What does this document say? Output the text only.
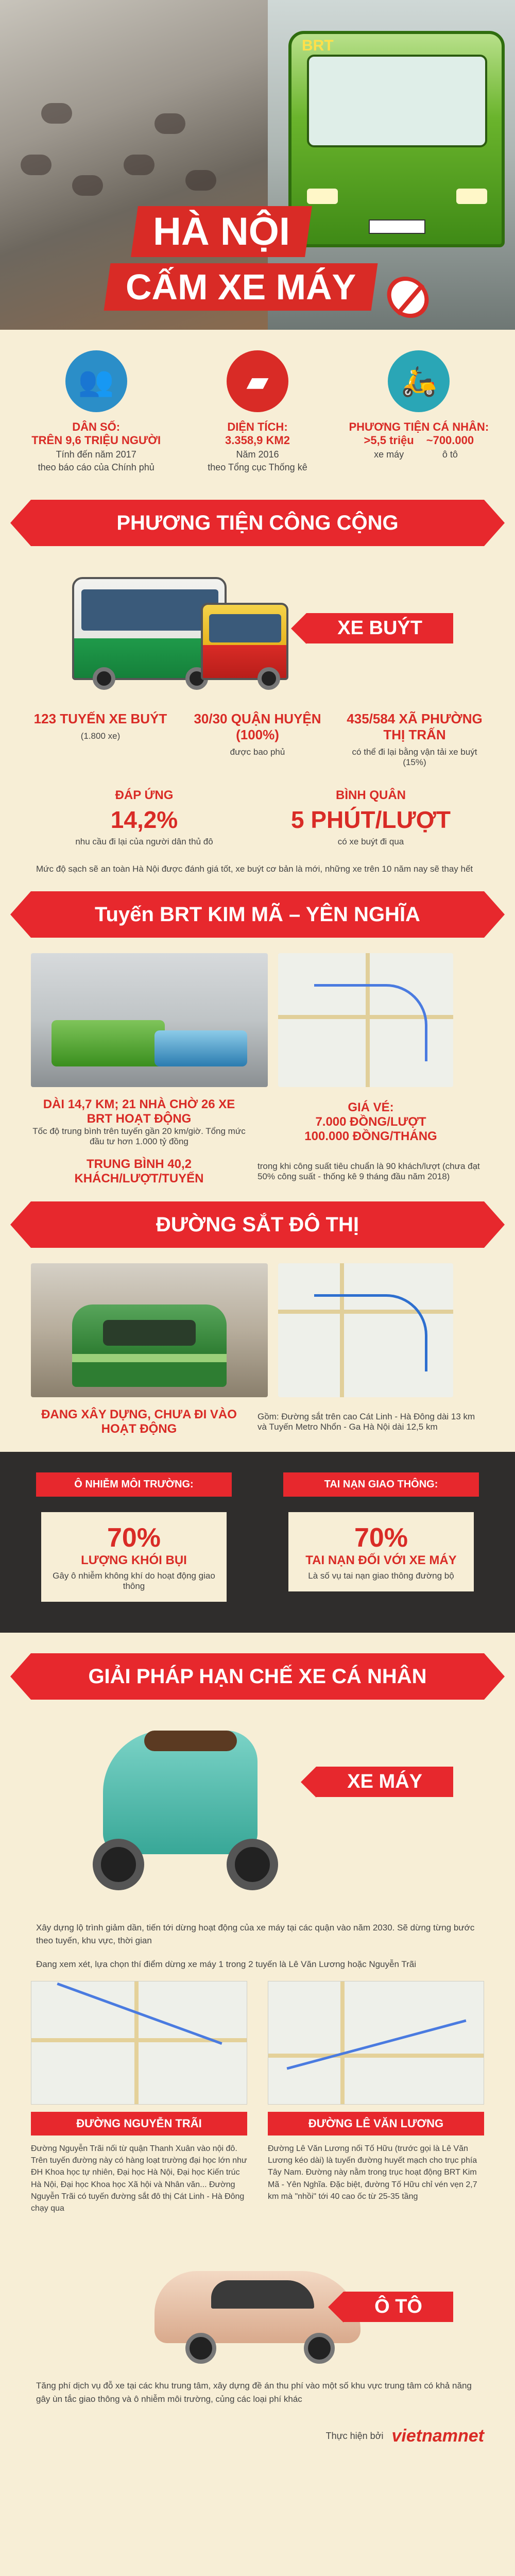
BRT
HÀ NỘI
CẤM XE MÁY
👥
DÂN SỐ:
TRÊN 9,6 TRIỆU NGƯỜI
Tính đến năm 2017
theo báo cáo của Chính phủ
▰
DIỆN TÍCH:
3.358,9 KM2
Năm 2016
theo Tổng cục Thống kê
🛵
PHƯƠNG TIỆN CÁ NHÂN:
>5,5 triệu
xe máy
~700.000
ô tô
PHƯƠNG TIỆN CÔNG CỘNG
XE BUÝT
123 TUYẾN XE BUÝT
(1.800 xe)
30/30 QUẬN HUYỆN (100%)
được bao phủ
435/584 XÃ PHƯỜNG THỊ TRẤN
có thể đi lại bằng vận tải xe buýt (15%)
ĐÁP ỨNG
14,2%
nhu cầu đi lại của người dân thủ đô
BÌNH QUÂN
5 PHÚT/LƯỢT
có xe buýt đi qua
Mức độ sạch sẽ an toàn Hà Nội được đánh giá tốt, xe buýt cơ bản là mới, những xe trên 10 năm nay sẽ thay hết
Tuyến BRT KIM MÃ – YÊN NGHĨA
DÀI 14,7 KM; 21 NHÀ CHỜ 26 XE BRT HOẠT ĐỘNG
Tốc độ trung bình trên tuyến gần 20 km/giờ. Tổng mức đầu tư hơn 1.000 tỷ đồng
GIÁ VÉ:
7.000 ĐỒNG/LƯỢT
100.000 ĐỒNG/THÁNG
TRUNG BÌNH 40,2 KHÁCH/LƯỢT/TUYẾN
trong khi công suất tiêu chuẩn là 90 khách/lượt (chưa đạt 50% công suất - thống kê 9 tháng đầu năm 2018)
ĐƯỜNG SẮT ĐÔ THỊ
ĐANG XÂY DỰNG, CHƯA ĐI VÀO HOẠT ĐỘNG
Gồm: Đường sắt trên cao Cát Linh - Hà Đông dài 13 km và Tuyến Metro Nhổn - Ga Hà Nội dài 12,5 km
Ô NHIỄM MÔI TRƯỜNG:
70%
LƯỢNG KHÓI BỤI
Gây ô nhiễm không khí do hoạt động giao thông
TAI NẠN GIAO THÔNG:
70%
TAI NẠN ĐỐI VỚI XE MÁY
Là số vụ tai nạn giao thông đường bộ
GIẢI PHÁP HẠN CHẾ XE CÁ NHÂN
XE MÁY
Xây dựng lộ trình giảm dần, tiến tới dừng hoạt động của xe máy tại các quận vào năm 2030. Sẽ dừng từng bước theo tuyến, khu vực, thời gian
Đang xem xét, lựa chọn thí điểm dừng xe máy 1 trong 2 tuyến là Lê Văn Lương hoặc Nguyễn Trãi
ĐƯỜNG NGUYỄN TRÃI
Đường Nguyễn Trãi nối từ quận Thanh Xuân vào nội đô. Trên tuyến đường này có hàng loạt trường đại học lớn như ĐH Khoa học tự nhiên, Đại học Hà Nội, Đại học Kiến trúc Hà Nội, Đại học Khoa học Xã hội và Nhân văn... Đường Nguyễn Trãi có tuyến đường sắt đô thị Cát Linh - Hà Đông chạy qua
ĐƯỜNG LÊ VĂN LƯƠNG
Đường Lê Văn Lương nối Tố Hữu (trước gọi là Lê Văn Lương kéo dài) là tuyến đường huyết mạch cho trục phía Tây Nam. Đường này nằm trong trục hoạt động BRT Kim Mã - Yên Nghĩa. Đặc biệt, đường Tố Hữu chỉ vén vẹn 2,7 km mà "nhồi" tới 40 cao ốc từ 25-35 tầng
Ô TÔ
Tăng phí dịch vụ đỗ xe tại các khu trung tâm, xây dựng đề án thu phí vào một số khu vực trung tâm có khả năng gây ùn tắc giao thông và ô nhiễm môi trường, củng các loại phí khác
Thực hiện bởi vietnamnet
